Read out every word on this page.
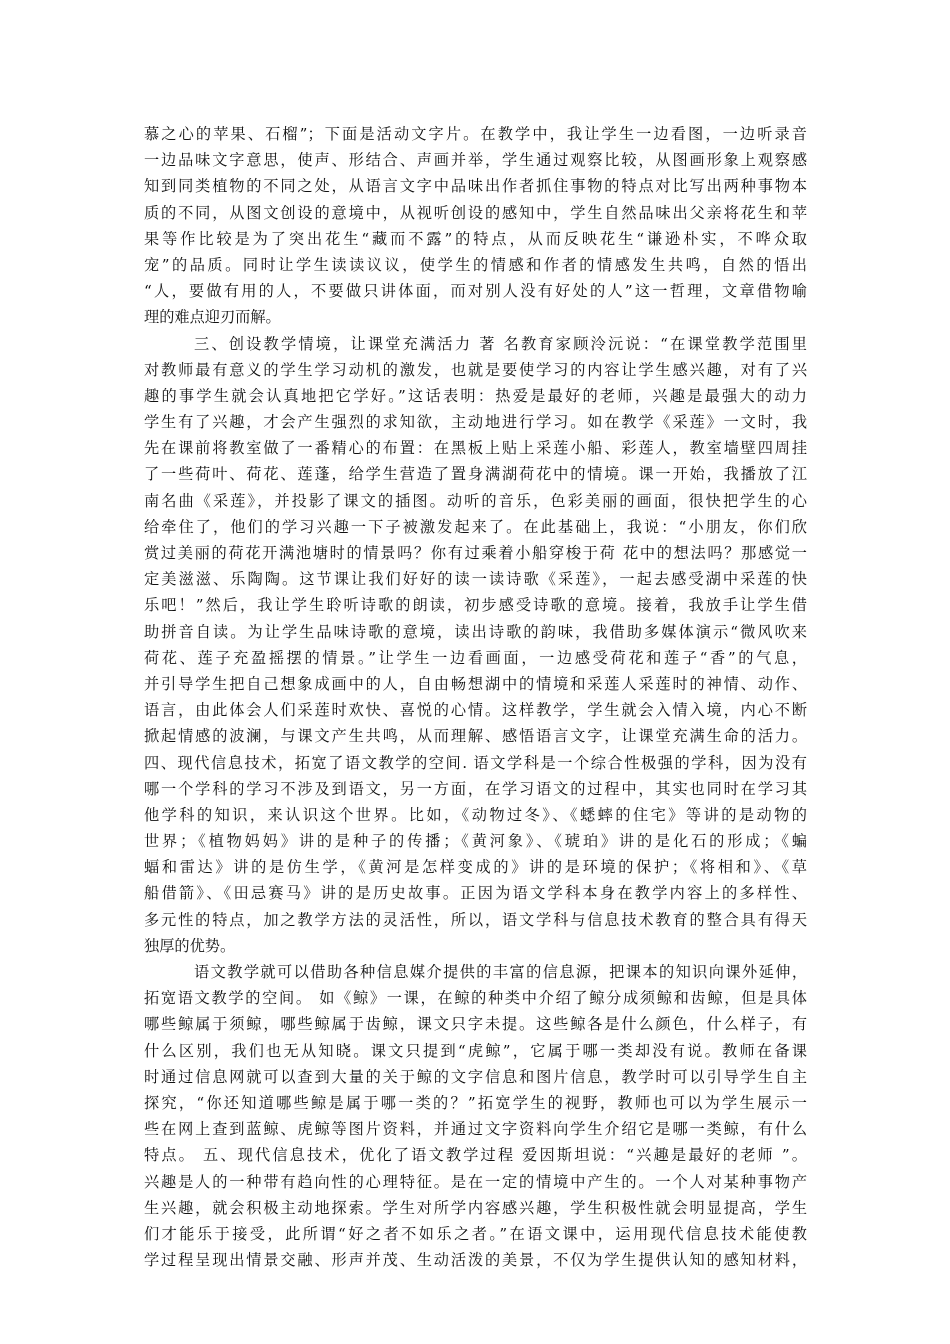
慕之心的苹果、石榴”；下面是活动文字片。在教学中，我让学生一边看图，一边听录音
一边品味文字意思，使声、形结合、声画并举，学生通过观察比较，从图画形象上观察感
知到同类植物的不同之处，从语言文字中品味出作者抓住事物的特点对比写出两种事物本
质的不同，从图文创设的意境中，从视听创设的感知中，学生自然品味出父亲将花生和苹
果等作比较是为了突出花生“藏而不露”的特点，从而反映花生“谦逊朴实，不哗众取
宠”的品质。同时让学生读读议议，使学生的情感和作者的情感发生共鸣，自然的悟出
“人，要做有用的人，不要做只讲体面，而对别人没有好处的人”这一哲理，文章借物喻
理的难点迎刃而解。
三、创设教学情境，让课堂充满活力 著 名教育家顾泠沅说：“在课堂教学范围里
对教师最有意义的学生学习动机的激发，也就是要使学习的内容让学生感兴趣，对有了兴
趣的事学生就会认真地把它学好。”这话表明：热爱是最好的老师，兴趣是最强大的动力
学生有了兴趣，才会产生强烈的求知欲，主动地进行学习。如在教学《采莲》一文时，我
先在课前将教室做了一番精心的布置：在黑板上贴上采莲小船、彩莲人，教室墙壁四周挂
了一些荷叶、荷花、莲蓬，给学生营造了置身满湖荷花中的情境。课一开始，我播放了江
南名曲《采莲》，并投影了课文的插图。动听的音乐，色彩美丽的画面，很快把学生的心
给牵住了，他们的学习兴趣一下子被激发起来了。在此基础上，我说：“小朋友，你们欣
赏过美丽的荷花开满池塘时的情景吗？你有过乘着小船穿梭于荷 花中的想法吗？那感觉一
定美滋滋、乐陶陶。这节课让我们好好的读一读诗歌《采莲》，一起去感受湖中采莲的快
乐吧！”然后，我让学生聆听诗歌的朗读，初步感受诗歌的意境。接着，我放手让学生借
助拼音自读。为让学生品味诗歌的意境，读出诗歌的韵味，我借助多媒体演示“微风吹来
荷花、莲子充盈摇摆的情景。”让学生一边看画面，一边感受荷花和莲子“香”的气息，
并引导学生把自己想象成画中的人，自由畅想湖中的情境和采莲人采莲时的神情、动作、
语言，由此体会人们采莲时欢快、喜悦的心情。这样教学，学生就会入情入境，内心不断
掀起情感的波澜，与课文产生共鸣，从而理解、感悟语言文字，让课堂充满生命的活力。
四、现代信息技术，拓宽了语文教学的空间. 语文学科是一个综合性极强的学科，因为没有
哪一个学科的学习不涉及到语文，另一方面，在学习语文的过程中，其实也同时在学习其
他学科的知识，来认识这个世界。比如，《动物过冬》、《蟋蟀的住宅》等讲的是动物的
世界；《植物妈妈》讲的是种子的传播；《黄河象》、《琥珀》讲的是化石的形成；《蝙
蝠和雷达》讲的是仿生学，《黄河是怎样变成的》讲的是环境的保护；《将相和》、《草
船借箭》、《田忌赛马》讲的是历史故事。正因为语文学科本身在教学内容上的多样性、
多元性的特点，加之教学方法的灵活性，所以，语文学科与信息技术教育的整合具有得天
独厚的优势。
语文教学就可以借助各种信息媒介提供的丰富的信息源，把课本的知识向课外延伸，
拓宽语文教学的空间。 如《鲸》一课，在鲸的种类中介绍了鲸分成须鲸和齿鲸，但是具体
哪些鲸属于须鲸，哪些鲸属于齿鲸，课文只字未提。这些鲸各是什么颜色，什么样子，有
什么区别，我们也无从知晓。课文只提到“虎鲸”，它属于哪一类却没有说。教师在备课
时通过信息网就可以查到大量的关于鲸的文字信息和图片信息，教学时可以引导学生自主
探究，“你还知道哪些鲸是属于哪一类的？”拓宽学生的视野，教师也可以为学生展示一
些在网上查到蓝鲸、虎鲸等图片资料，并通过文字资料向学生介绍它是哪一类鲸，有什么
特点。 五、现代信息技术，优化了语文教学过程 爱因斯坦说：“兴趣是最好的老师 ”。
兴趣是人的一种带有趋向性的心理特征。是在一定的情境中产生的。一个人对某种事物产
生兴趣，就会积极主动地探索。学生对所学内容感兴趣，学生积极性就会明显提高，学生
们才能乐于接受，此所谓“好之者不如乐之者。”在语文课中，运用现代信息技术能使教
学过程呈现出情景交融、形声并茂、生动活泼的美景，不仅为学生提供认知的感知材料，
